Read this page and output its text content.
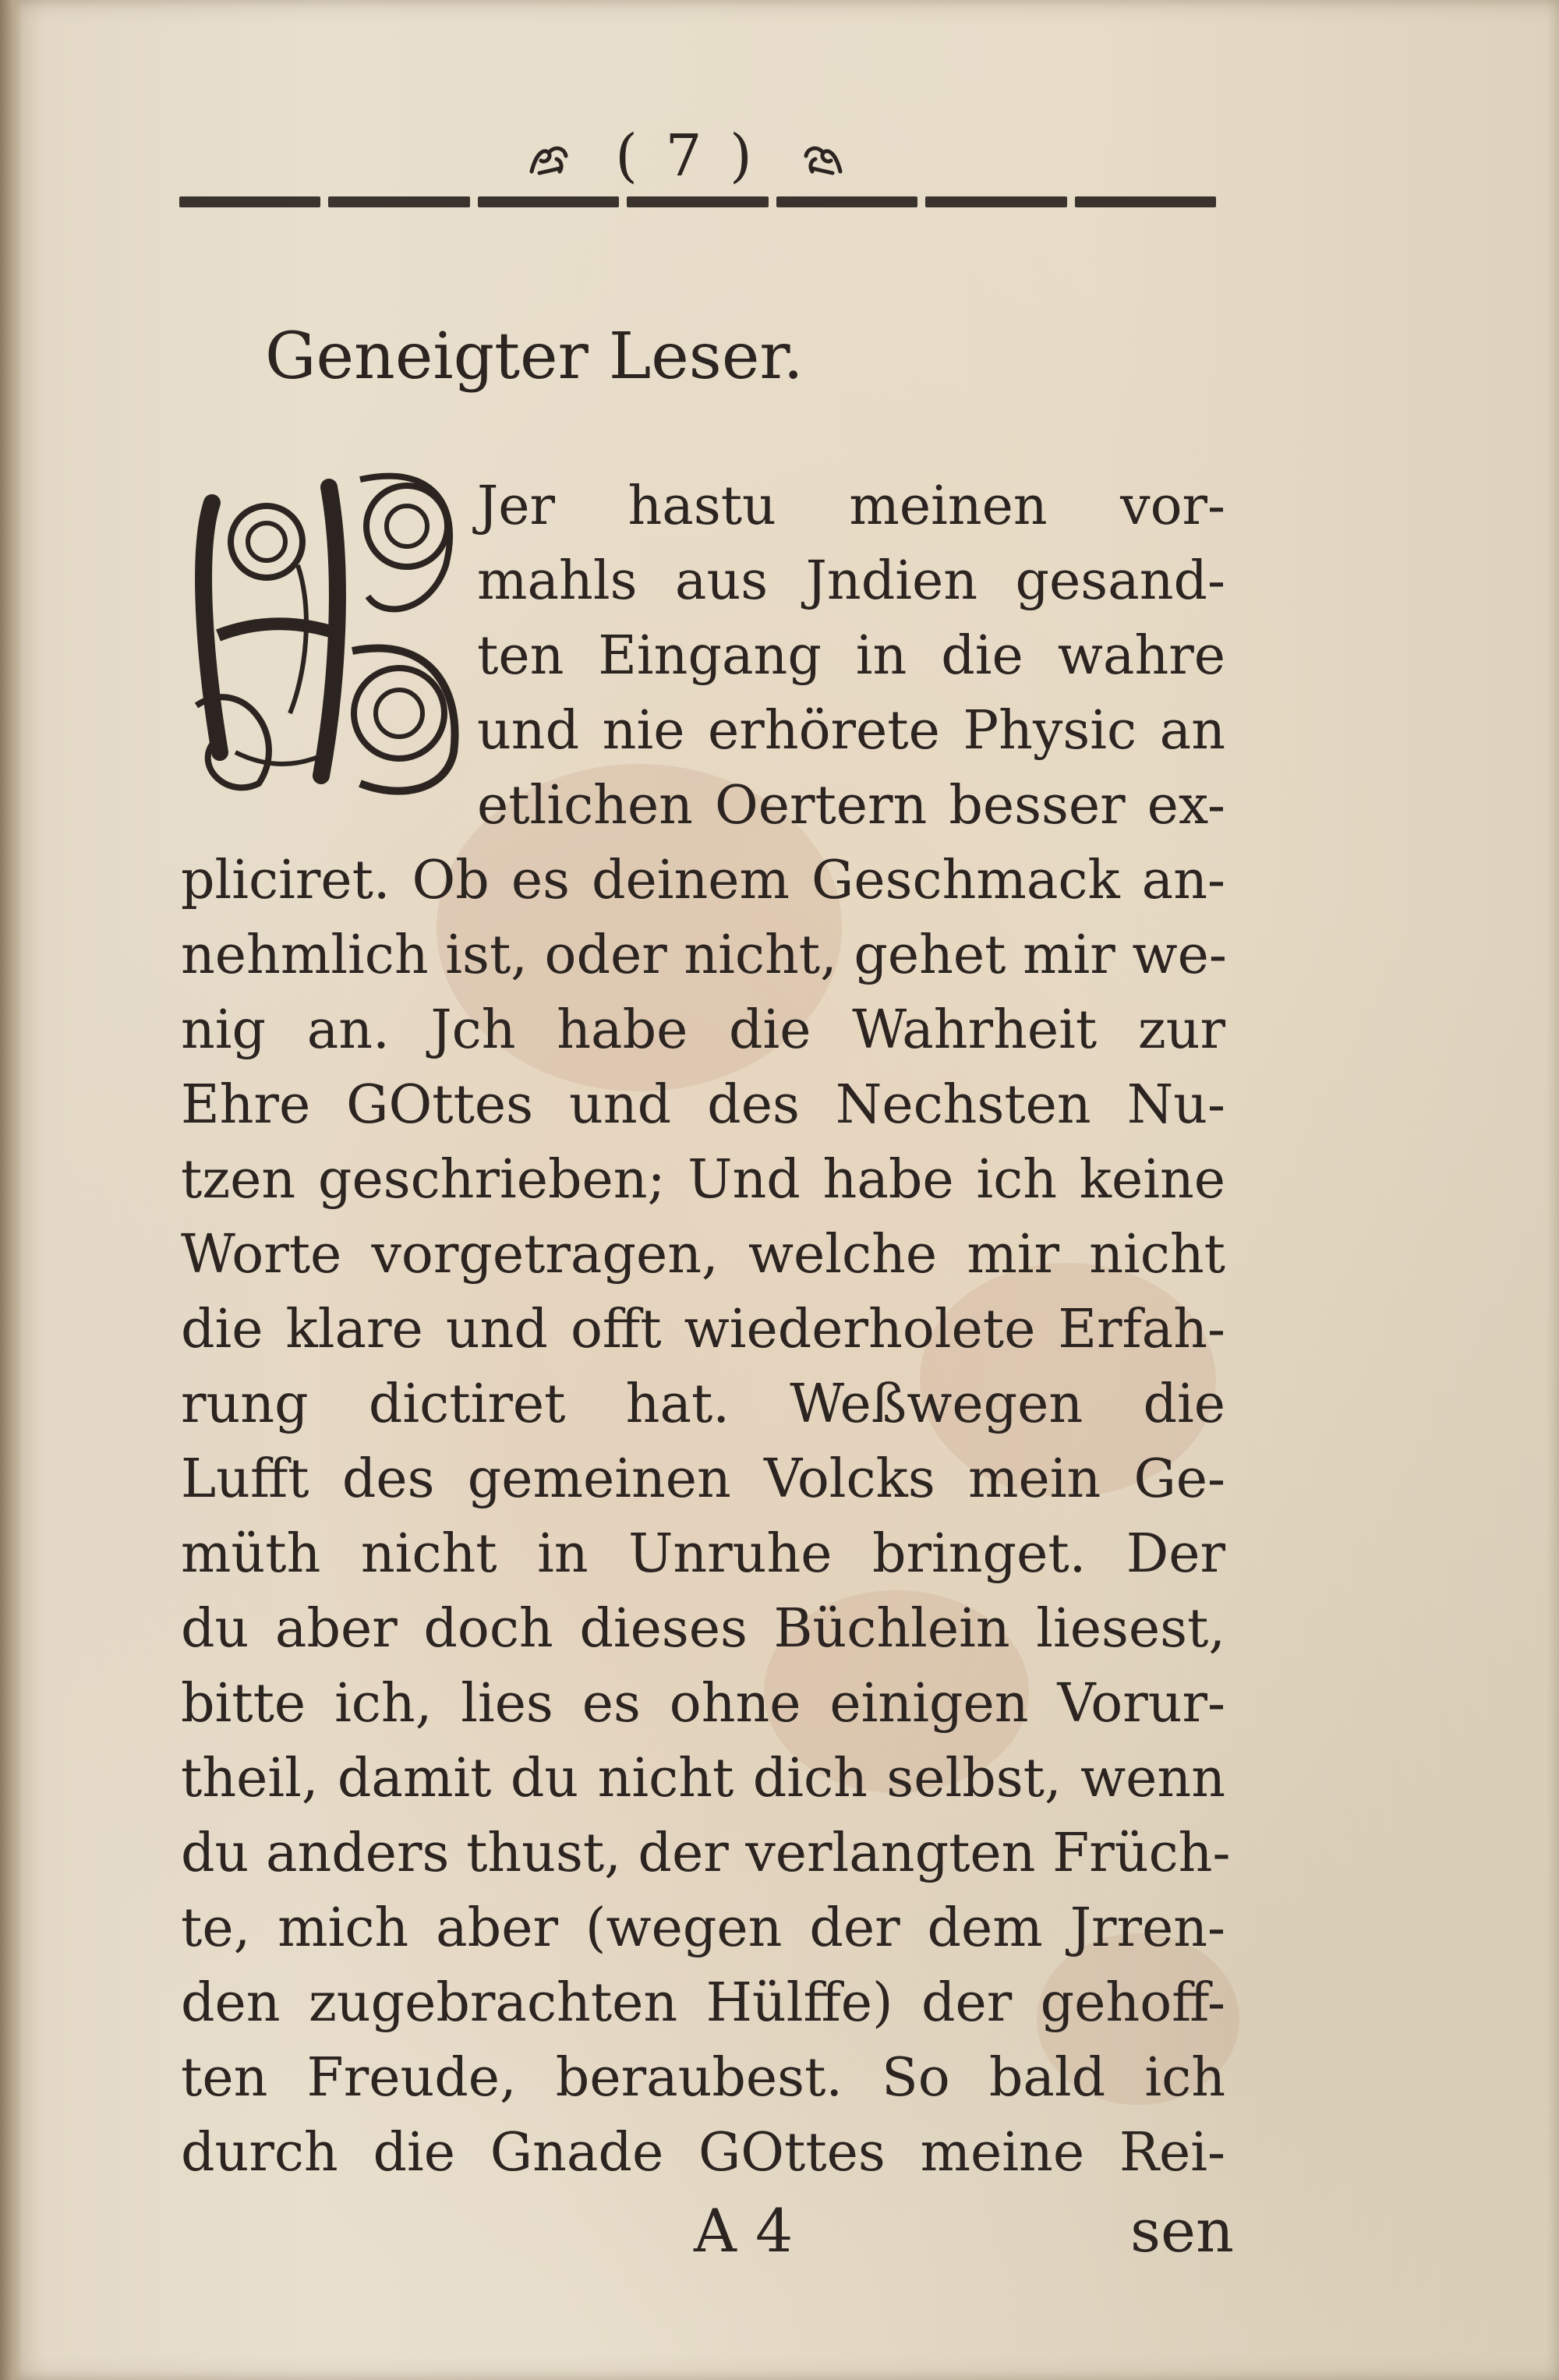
( 7 )
Geneigter Leser.
Jer hastu meinen vor-
mahls aus Jndien gesand-
ten Eingang in die wahre
und nie erhörete Physic an
etlichen Oertern besser ex-
pliciret. Ob es deinem Geschmack an-
nehmlich ist, oder nicht, gehet mir we-
nig an. Jch habe die Wahrheit zur
Ehre GOttes und des Nechsten Nu-
tzen geschrieben; Und habe ich keine
Worte vorgetragen, welche mir nicht
die klare und offt wiederholete Erfah-
rung dictiret hat. Weßwegen die
Lufft des gemeinen Volcks mein Ge-
müth nicht in Unruhe bringet. Der
du aber doch dieses Büchlein liesest,
bitte ich, lies es ohne einigen Vorur-
theil, damit du nicht dich selbst, wenn
du anders thust, der verlangten Früch-
te, mich aber (wegen der dem Jrren-
den zugebrachten Hülffe) der gehoff-
ten Freude, beraubest. So bald ich
durch die Gnade GOttes meine Rei-
A 4	sen
